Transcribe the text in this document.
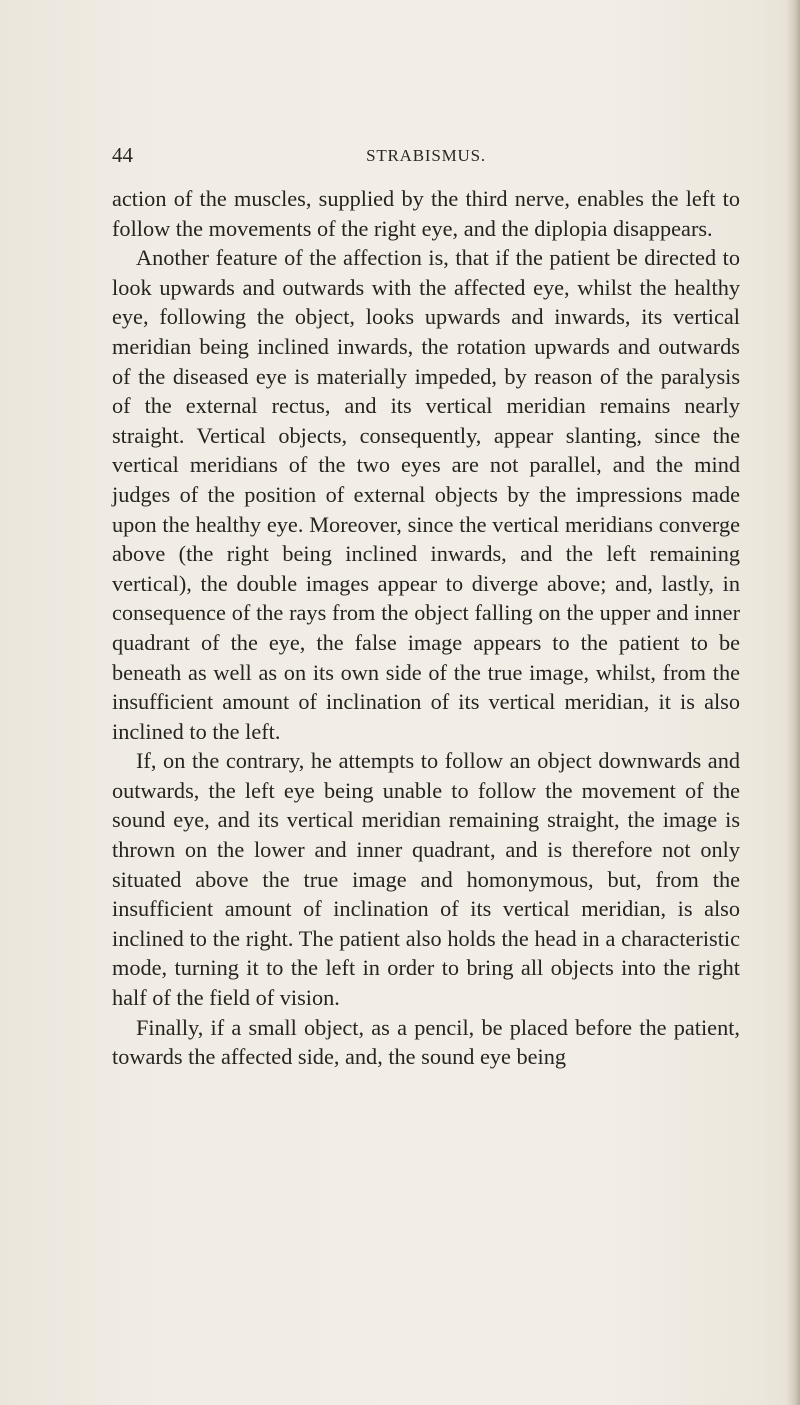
44	STRABISMUS.

action of the muscles, supplied by the third nerve, enables the left to follow the movements of the right eye, and the diplopia disappears.

Another feature of the affection is, that if the patient be directed to look upwards and outwards with the affected eye, whilst the healthy eye, following the object, looks upwards and inwards, its vertical meridian being inclined inwards, the rotation upwards and outwards of the diseased eye is materially impeded, by reason of the paralysis of the external rectus, and its vertical meridian remains nearly straight. Vertical objects, consequently, appear slanting, since the vertical meridians of the two eyes are not parallel, and the mind judges of the position of external objects by the impressions made upon the healthy eye. Moreover, since the vertical meridians converge above (the right being inclined inwards, and the left remaining vertical), the double images appear to diverge above; and, lastly, in consequence of the rays from the object falling on the upper and inner quadrant of the eye, the false image appears to the patient to be beneath as well as on its own side of the true image, whilst, from the insufficient amount of inclination of its vertical meridian, it is also inclined to the left.

If, on the contrary, he attempts to follow an object downwards and outwards, the left eye being unable to follow the movement of the sound eye, and its vertical meridian remaining straight, the image is thrown on the lower and inner quadrant, and is therefore not only situated above the true image and homonymous, but, from the insufficient amount of inclination of its vertical meridian, is also inclined to the right. The patient also holds the head in a characteristic mode, turning it to the left in order to bring all objects into the right half of the field of vision.

Finally, if a small object, as a pencil, be placed before the patient, towards the affected side, and, the sound eye being
